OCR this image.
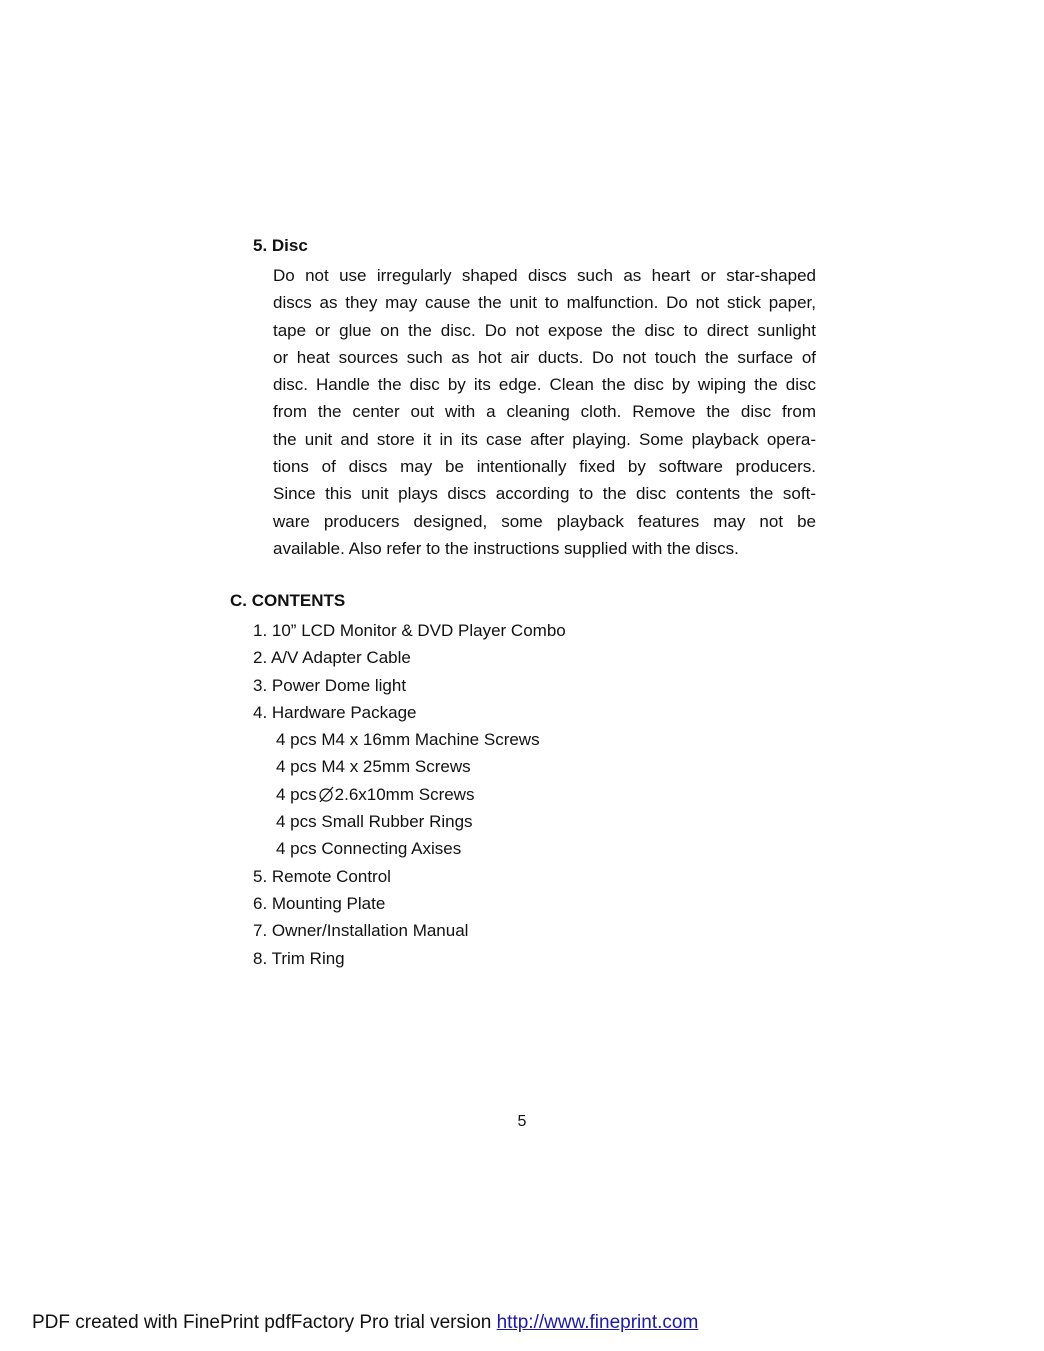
5. Disc
Do not use irregularly shaped discs such as heart or star-shaped
discs as they may cause the unit to malfunction. Do not stick paper,
tape or glue on the disc. Do not expose the disc to direct sunlight
or heat sources such as hot air ducts. Do not touch the surface of
disc. Handle the disc by its edge. Clean the disc by wiping the disc
from the center out with a cleaning cloth. Remove the disc from
the unit and store it in its case after playing. Some playback opera-
tions of discs may be intentionally fixed by software producers.
Since this unit plays discs according to the disc contents the soft-
ware producers designed, some playback features may not be
available. Also refer to the instructions supplied with the discs.
C. CONTENTS
1. 10” LCD Monitor & DVD Player Combo
2. A/V Adapter Cable
3. Power Dome light
4. Hardware Package
4 pcs M4 x 16mm Machine Screws
4 pcs M4 x 25mm Screws
4 pcs 2.6x10mm Screws
4 pcs Small Rubber Rings
4 pcs Connecting Axises
5. Remote Control
6. Mounting Plate
7. Owner/Installation Manual
8. Trim Ring
5
PDF created with FinePrint pdfFactory Pro trial version http://www.fineprint.com
